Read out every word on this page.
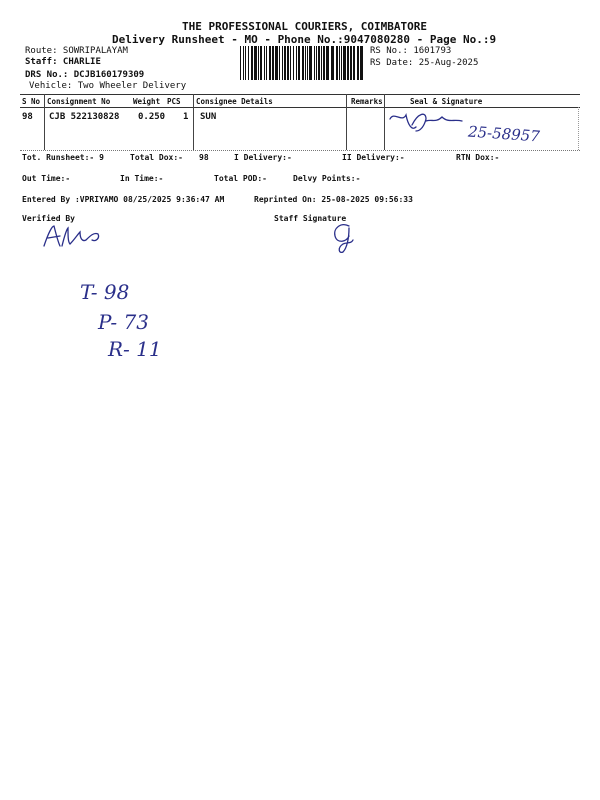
THE PROFESSIONAL COURIERS, COIMBATORE
Delivery Runsheet - MO - Phone No.:9047080280 - Page No.:9
Route: SOWRIPALAYAM
Staff: CHARLIE
DRS No.: DCJB160179309
Vehicle: Two Wheeler Delivery
RS No.: 1601793
RS Date: 25-Aug-2025
S No Consignment No	Weight PCS Consignee Details	Remarks	Seal & Signature
98 CJB 522130828 0.250 1 SUN
25-58957
Tot. Runsheet:- 9	Total Dox:- 98	I Delivery:-	II Delivery:-	RTN Dox:-
Out Time:-	In Time:-	Total POD:-	Delvy Points:-
Entered By :VPRIYAMO 08/25/2025 9:36:47 AM	Reprinted On: 25-08-2025 09:56:33
Verified By	Staff Signature
T- 98
P- 73
R- 11
